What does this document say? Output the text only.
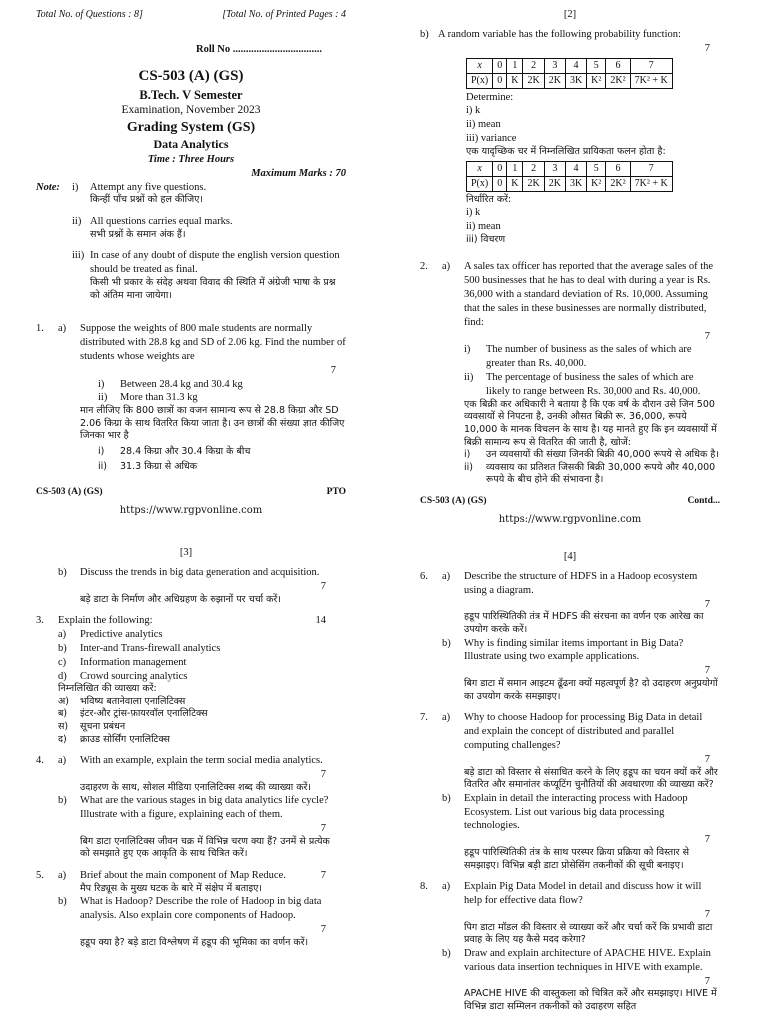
Total No. of Questions : 8]	[Total No. of Printed Pages : 4
Roll No ..................................
CS-503 (A) (GS)
B.Tech. V Semester
Examination, November 2023
Grading System (GS)
Data Analytics
Time : Three Hours
Maximum Marks : 70
Note:	i)	Attempt any five questions.
किन्हीं पाँच प्रश्नों को हल कीजिए।
ii) All questions carries equal marks.
सभी प्रश्नों के समान अंक हैं।
iii) In case of any doubt of dispute the english version question should be treated as final.
किसी भी प्रकार के संदेह अथवा विवाद की स्थिति में अंग्रेजी भाषा के प्रश्न को अंतिम माना जायेगा।
1.	a)	Suppose the weights of 800 male students are normally distributed with 28.8 kg and SD of 2.06 kg. Find the number of students whose weights are
7
i)	Between 28.4 kg and 30.4 kg
ii)	More than 31.3 kg
मान लीजिए कि 800 छात्रों का वजन सामान्य रूप से 28.8 किग्रा और SD 2.06 किग्रा के साथ वितरित किया जाता है। उन छात्रों की संख्या ज्ञात कीजिए जिनका भार है
i)	28.4 किग्रा और 30.4 किग्रा के बीच
ii)	31.3 किग्रा से अधिक
CS-503 (A) (GS)	PTO
https://www.rgpvonline.com
[2]
b) A random variable has the following probability function:
7
x	0	1	2	3	4	5	6	7
P(x)	0	K	2K	2K	3K	K²	2K²	7K² + K
Determine:
i) k
ii) mean
iii) variance
एक यादृच्छिक चर में निम्नलिखित प्रायिकता फलन होता है:
x	0	1	2	3	4	5	6	7
P(x)	0	K	2K	2K	3K	K²	2K²	7K² + K
निर्धारित करें:
i) k
ii) mean
iii) विचरण
2.	a)	A sales tax officer has reported that the average sales of the 500 businesses that he has to deal with during a year is Rs. 36,000 with a standard deviation of Rs. 10,000. Assuming that the sales in these businesses are normally distributed, find:
7
i)	The number of business as the sales of which are greater than Rs. 40,000.
ii)	The percentage of business the sales of which are likely to range between Rs. 30,000 and Rs. 40,000.
एक बिक्री कर अधिकारी ने बताया है कि एक वर्ष के दौरान उसे जिन 500 व्यवसायों से निपटना है, उनकी औसत बिक्री रू. 36,000, रूपये 10,000 के मानक विचलन के साथ है। यह मानते हुए कि इन व्यवसायों में बिक्री सामान्य रूप से वितरित की जाती है, खोजें:
i)	उन व्यवसायों की संख्या जिनकी बिक्री 40,000 रूपये से अधिक है।
ii)	व्यवसाय का प्रतिशत जिसकी बिक्री 30,000 रूपये और 40,000 रूपये के बीच होने की संभावना है।
CS-503 (A) (GS)	Contd...
https://www.rgpvonline.com
[3]
b)	Discuss the trends in big data generation and acquisition.
7
बड़े डाटा के निर्माण और अधिग्रहण के रुझानों पर चर्चा करें।
3.	Explain the following:	14
a)	Predictive analytics
b)	Inter-and Trans-firewall analytics
c)	Information management
d)	Crowd sourcing analytics
निम्नलिखित की व्याख्या करें:
अ)	भविष्य बतानेवाला एनालिटिक्स
ब)	इंटर-और ट्रांस-फ़ायरवॉल एनालिटिक्स
स)	सूचना प्रबंधन
द)	क्राउड सोर्सिंग एनालिटिक्स
4.	a)	With an example, explain the term social media analytics.
7
उदाहरण के साथ, सोशल मीडिया एनालिटिक्स शब्द की व्याख्या करें।
b)	What are the various stages in big data analytics life cycle? Illustrate with a figure, explaining each of them.
7
बिग डाटा एनालिटिक्स जीवन चक्र में विभिन्न चरण क्या हैं? उनमें से प्रत्येक को समझाते हुए एक आकृति के साथ चित्रित करें।
5.	a)	Brief about the main component of Map Reduce.	7
मैप रिड्यूस के मुख्य घटक के बारे में संक्षेप में बताइए।
b)	What is Hadoop? Describe the role of Hadoop in big data analysis. Also explain core components of Hadoop.
7
हडूप क्या है? बड़े डाटा विश्लेषण में हडूप की भूमिका का वर्णन करें।
[4]
6.	a)	Describe the structure of HDFS in a Hadoop ecosystem using a diagram.
7
हडूप पारिस्थितिकी तंत्र में HDFS की संरचना का वर्णन एक आरेख का उपयोग करके करें।
b)	Why is finding similar items important in Big Data? Illustrate using two example applications.
7
बिग डाटा में समान आइटम ढूँढना क्यों महत्वपूर्ण है? दो उदाहरण अनुप्रयोगों का उपयोग करके समझाइए।
7.	a)	Why to choose Hadoop for processing Big Data in detail and explain the concept of distributed and parallel computing challenges?
7
बड़े डाटा को विस्तार से संसाधित करने के लिए हडूप का चयन क्यों करें और वितरित और समानांतर कंप्यूटिंग चुनौतियों की अवधारणा की व्याख्या करें?
b)	Explain in detail the interacting process with Hadoop Ecosystem. List out various big data processing technologies.
7
हडूप पारिस्थितिकी तंत्र के साथ परस्पर क्रिया प्रक्रिया को विस्तार से समझाइए। विभिन्न बड़ी डाटा प्रोसेसिंग तकनीकों की सूची बनाइए।
8.	a)	Explain Pig Data Model in detail and discuss how it will help for effective data flow?
7
पिग डाटा मॉडल की विस्तार से व्याख्या करें और चर्चा करें कि प्रभावी डाटा प्रवाह के लिए यह कैसे मदद करेगा?
b)	Draw and explain architecture of APACHE HIVE. Explain various data insertion techniques in HIVE with example.
7
APACHE HIVE की वास्तुकला को चित्रित करें और समझाइए। HIVE में विभिन्न डाटा सम्मिलन तकनीकों को उदाहरण सहित
